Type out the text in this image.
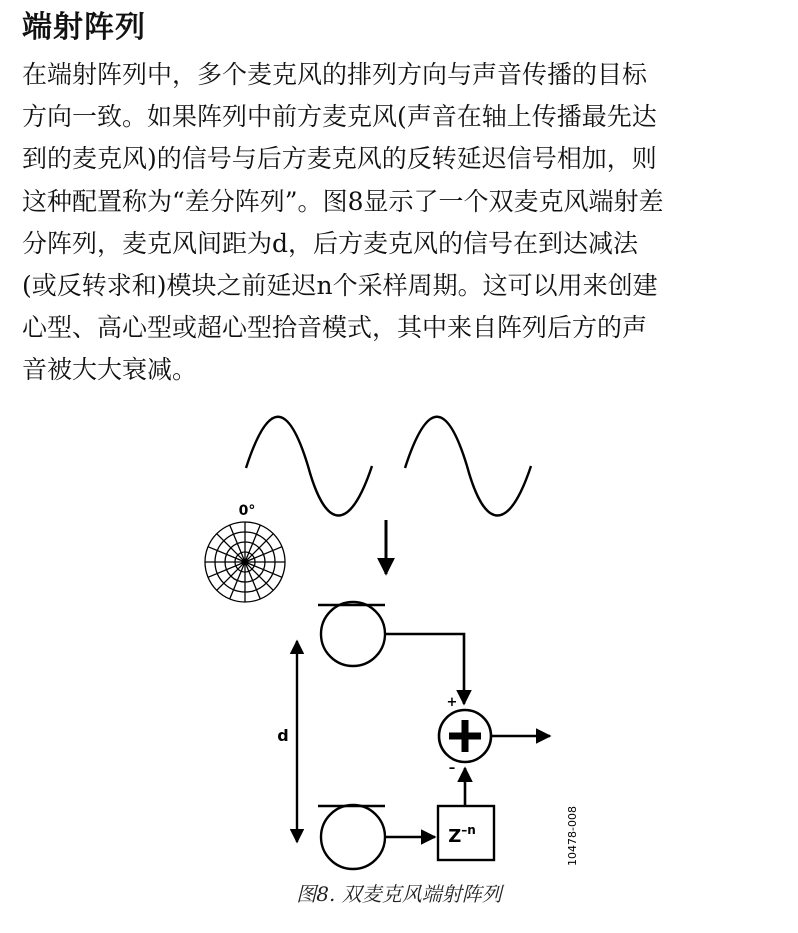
端射阵列
在端射阵列中，多个麦克风的排列方向与声音传播的目标
方向一致。如果阵列中前方麦克风(声音在轴上传播最先达
到的麦克风)的信号与后方麦克风的反转延迟信号相加，则
这种配置称为“差分阵列”。图8显示了一个双麦克风端射差
分阵列，麦克风间距为d，后方麦克风的信号在到达减法
(或反转求和)模块之前延迟n个采样周期。这可以用来创建
心型、高心型或超心型拾音模式，其中来自阵列后方的声
音被大大衰减。
0°
d
+
–
$Z^{-n}$	10478-008
图8. 双麦克风端射阵列
